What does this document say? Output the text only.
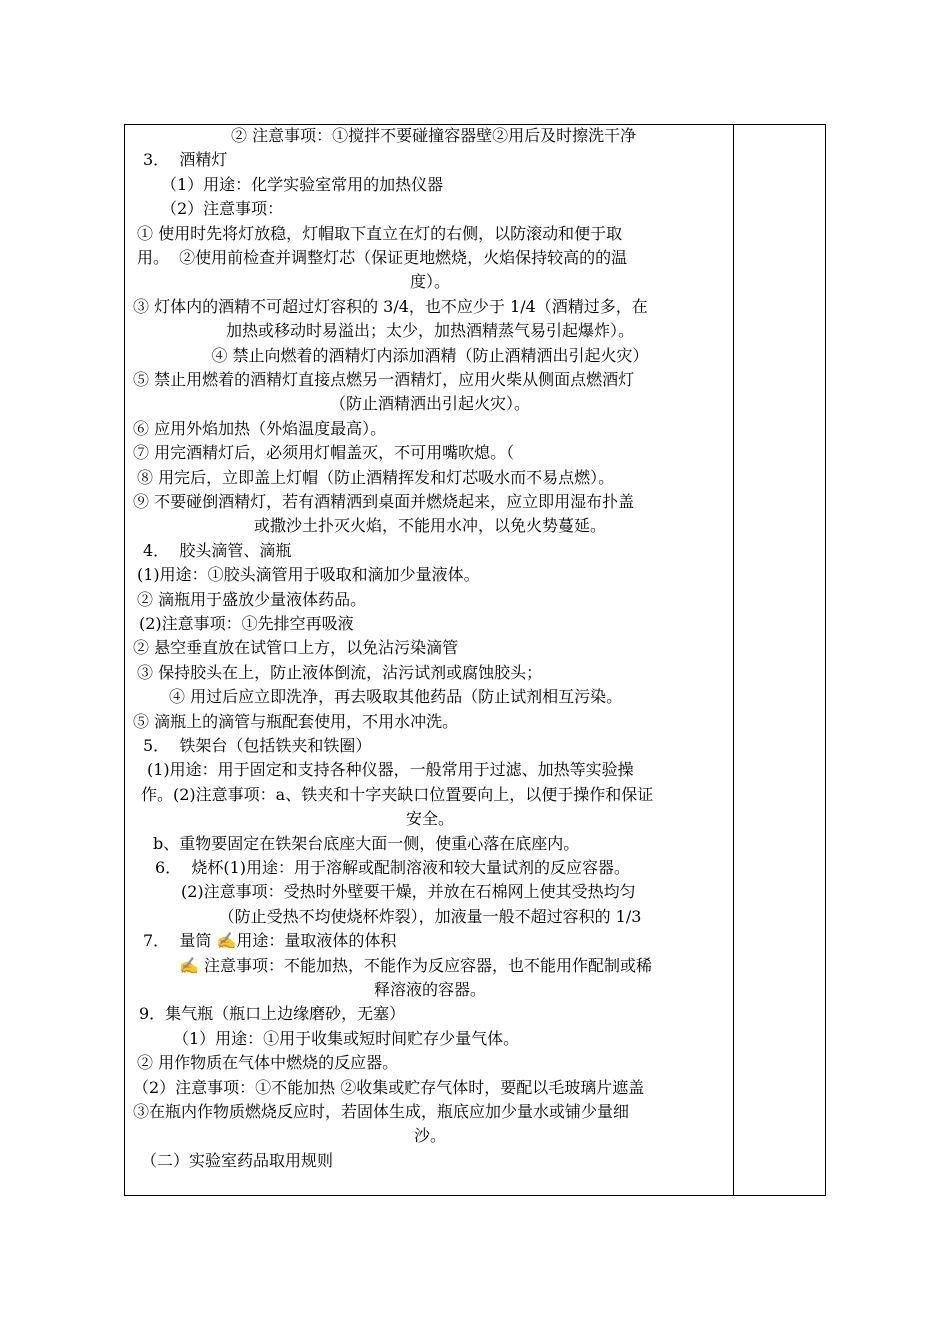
② 注意事项：①搅拌不要碰撞容器壁②用后及时擦洗干净
3．  酒精灯
（1）用途：化学实验室常用的加热仪器
（2）注意事项：
① 使用时先将灯放稳，灯帽取下直立在灯的右侧，以防滚动和便于取
用。  ②使用前检查并调整灯芯（保证更地燃烧，火焰保持较高的的温
度）。
③ 灯体内的酒精不可超过灯容积的 3/4，也不应少于 1/4（酒精过多，在
加热或移动时易溢出；太少，加热酒精蒸气易引起爆炸）。
④ 禁止向燃着的酒精灯内添加酒精（防止酒精洒出引起火灾）
⑤ 禁止用燃着的酒精灯直接点燃另一酒精灯，应用火柴从侧面点燃酒灯
（防止酒精洒出引起火灾）。
⑥ 应用外焰加热（外焰温度最高）。
⑦ 用完酒精灯后，必须用灯帽盖灭，不可用嘴吹熄。（
⑧ 用完后，立即盖上灯帽（防止酒精挥发和灯芯吸水而不易点燃）。
⑨ 不要碰倒酒精灯，若有酒精洒到桌面并燃烧起来，应立即用湿布扑盖
或撒沙土扑灭火焰，不能用水冲，以免火势蔓延。
4．  胶头滴管、滴瓶
(1)用途：①胶头滴管用于吸取和滴加少量液体。
② 滴瓶用于盛放少量液体药品。
(2)注意事项：①先排空再吸液
② 悬空垂直放在试管口上方，以免沾污染滴管
③ 保持胶头在上，防止液体倒流，沾污试剂或腐蚀胶头；
④ 用过后应立即洗净，再去吸取其他药品（防止试剂相互污染。
⑤ 滴瓶上的滴管与瓶配套使用，不用水冲洗。
5．  铁架台（包括铁夹和铁圈）
(1)用途：用于固定和支持各种仪器，一般常用于过滤、加热等实验操
作。(2)注意事项：a、铁夹和十字夹缺口位置要向上，以便于操作和保证
安全。
b、重物要固定在铁架台底座大面一侧，使重心落在底座内。
6．  烧杯(1)用途：用于溶解或配制溶液和较大量试剂的反应容器。
(2)注意事项：受热时外壁要干燥，并放在石棉网上使其受热均匀
（防止受热不均使烧杯炸裂），加液量一般不超过容积的 1/3
7．  量筒 ✍用途：量取液体的体积
✍ 注意事项：不能加热，不能作为反应容器，也不能用作配制或稀
释溶液的容器。
9．集气瓶（瓶口上边缘磨砂，无塞）
（1）用途：①用于收集或短时间贮存少量气体。
② 用作物质在气体中燃烧的反应器。
（2）注意事项：①不能加热 ②收集或贮存气体时，要配以毛玻璃片遮盖
③在瓶内作物质燃烧反应时，若固体生成，瓶底应加少量水或铺少量细
沙。
（二）实验室药品取用规则
